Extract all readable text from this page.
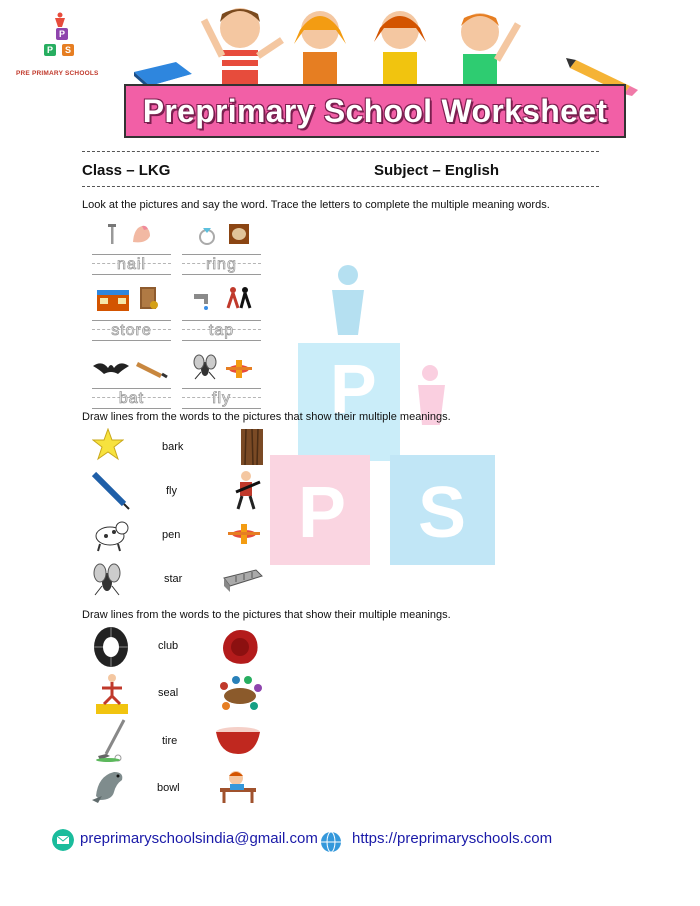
P
P S
P
P	S
PRE PRIMARY SCHOOLS
Preprimary School Worksheet
Class – LKG	Subject – English
Look at the pictures and say the word. Trace the letters to complete the multiple meaning words.
nail	ring
store	tap
bat	fly
Draw lines from the words to the pictures that show their multiple meanings.
bark
fly
pen
star
Draw lines from the words to the pictures that show their multiple meanings.
club
seal
tire
bowl
preprimaryschoolsindia@gmail.com https://preprimaryschools.com
